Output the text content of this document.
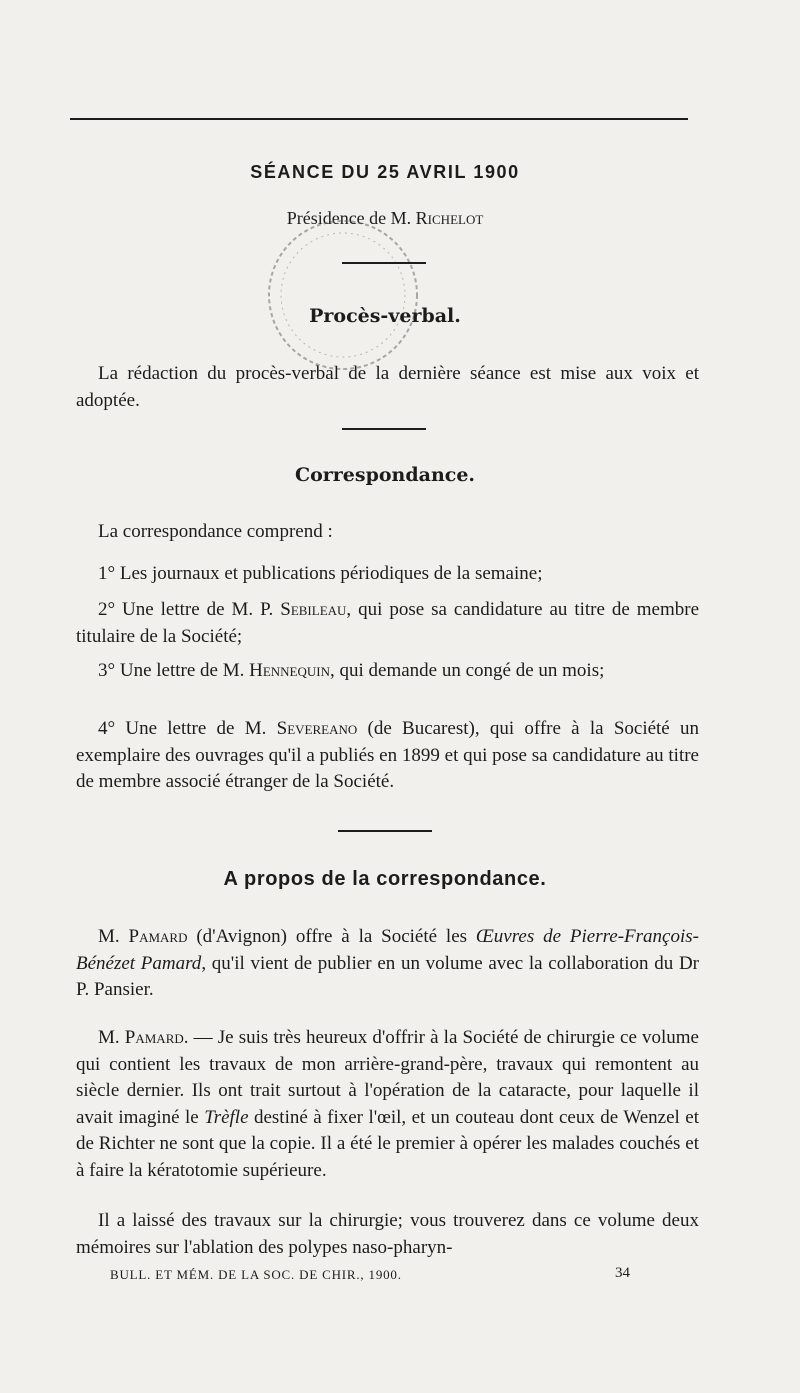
SÉANCE DU 25 AVRIL 1900
Présidence de M. Richelot
Procès-verbal.
La rédaction du procès-verbal de la dernière séance est mise aux voix et adoptée.
Correspondance.
La correspondance comprend :
1° Les journaux et publications périodiques de la semaine;
2° Une lettre de M. P. Sebileau, qui pose sa candidature au titre de membre titulaire de la Société;
3° Une lettre de M. Hennequin, qui demande un congé de un mois;
4° Une lettre de M. Severeano (de Bucarest), qui offre à la Société un exemplaire des ouvrages qu'il a publiés en 1899 et qui pose sa candidature au titre de membre associé étranger de la Société.
A propos de la correspondance.
M. Pamard (d'Avignon) offre à la Société les Œuvres de Pierre-François-Bénézet Pamard, qu'il vient de publier en un volume avec la collaboration du Dr P. Pansier.
M. Pamard. — Je suis très heureux d'offrir à la Société de chirurgie ce volume qui contient les travaux de mon arrière-grand-père, travaux qui remontent au siècle dernier. Ils ont trait surtout à l'opération de la cataracte, pour laquelle il avait imaginé le Trèfle destiné à fixer l'œil, et un couteau dont ceux de Wenzel et de Richter ne sont que la copie. Il a été le premier à opérer les malades couchés et à faire la kératotomie supérieure.
Il a laissé des travaux sur la chirurgie; vous trouverez dans ce volume deux mémoires sur l'ablation des polypes naso-pharyn-
BULL. ET MÉM. DE LA SOC. DE CHIR., 1900.	34
